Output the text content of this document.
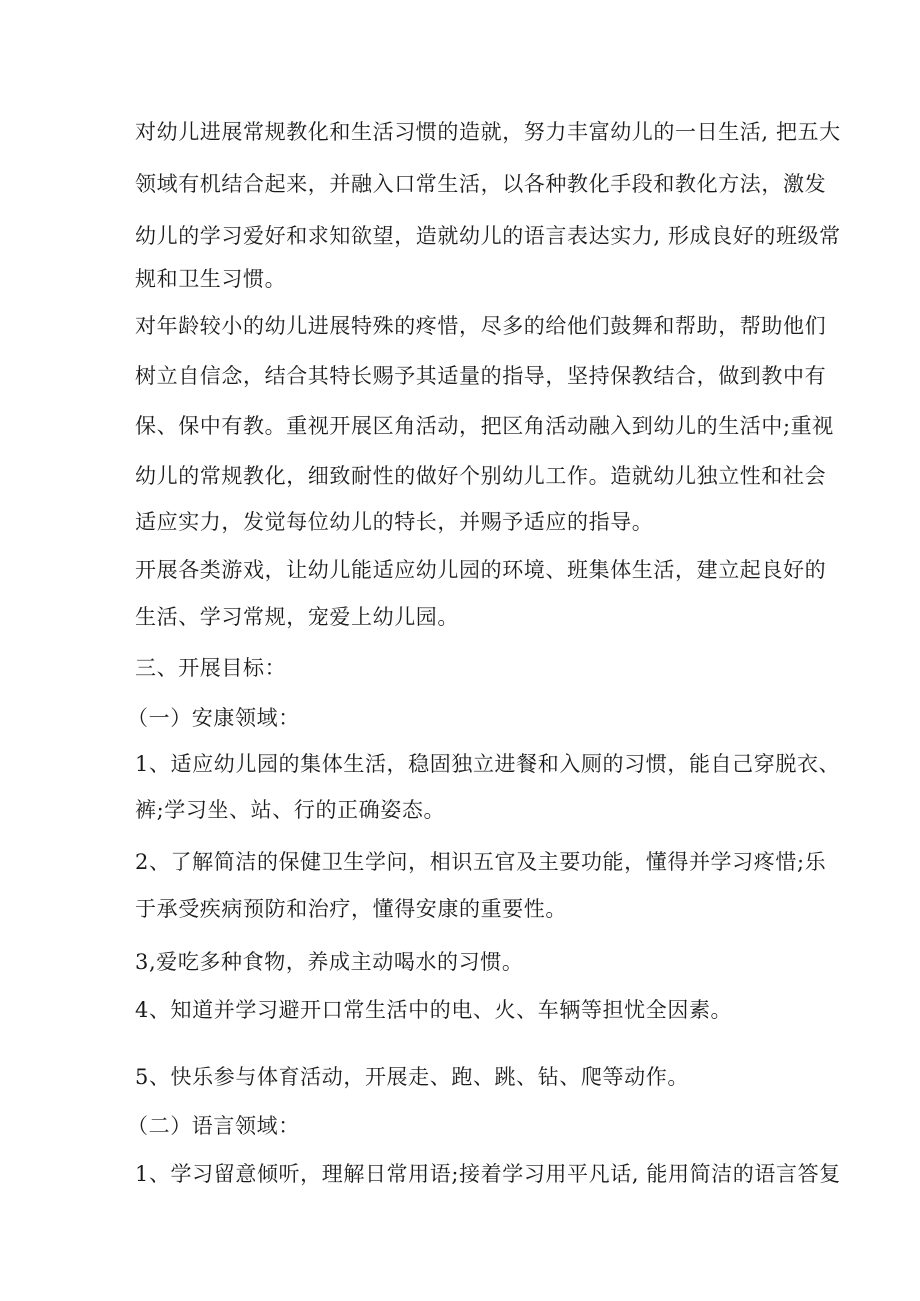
对幼儿进展常规教化和生活习惯的造就，努力丰富幼儿的一日生活, 把五大
领域有机结合起来，并融入口常生活，以各种教化手段和教化方法，激发
幼儿的学习爱好和求知欲望，造就幼儿的语言表达实力, 形成良好的班级常
规和卫生习惯。
对年龄较小的幼儿进展特殊的疼惜，尽多的给他们鼓舞和帮助，帮助他们
树立自信念，结合其特长赐予其适量的指导，坚持保教结合，做到教中有
保、保中有教。重视开展区角活动，把区角活动融入到幼儿的生活中;重视
幼儿的常规教化，细致耐性的做好个别幼儿工作。造就幼儿独立性和社会
适应实力，发觉每位幼儿的特长，并赐予适应的指导。
开展各类游戏，让幼儿能适应幼儿园的环境、班集体生活，建立起良好的
生活、学习常规，宠爱上幼儿园。
三、开展目标：
（一）安康领域：
1、适应幼儿园的集体生活，稳固独立进餐和入厕的习惯，能自己穿脱衣、
裤;学习坐、站、行的正确姿态。
2、了解简洁的保健卫生学问，相识五官及主要功能，懂得并学习疼惜;乐
于承受疾病预防和治疗，懂得安康的重要性。
3,爱吃多种食物，养成主动喝水的习惯。
4、知道并学习避开口常生活中的电、火、车辆等担忧全因素。
5、快乐参与体育活动，开展走、跑、跳、钻、爬等动作。
（二）语言领域：
1、学习留意倾听，理解日常用语;接着学习用平凡话, 能用简洁的语言答复
